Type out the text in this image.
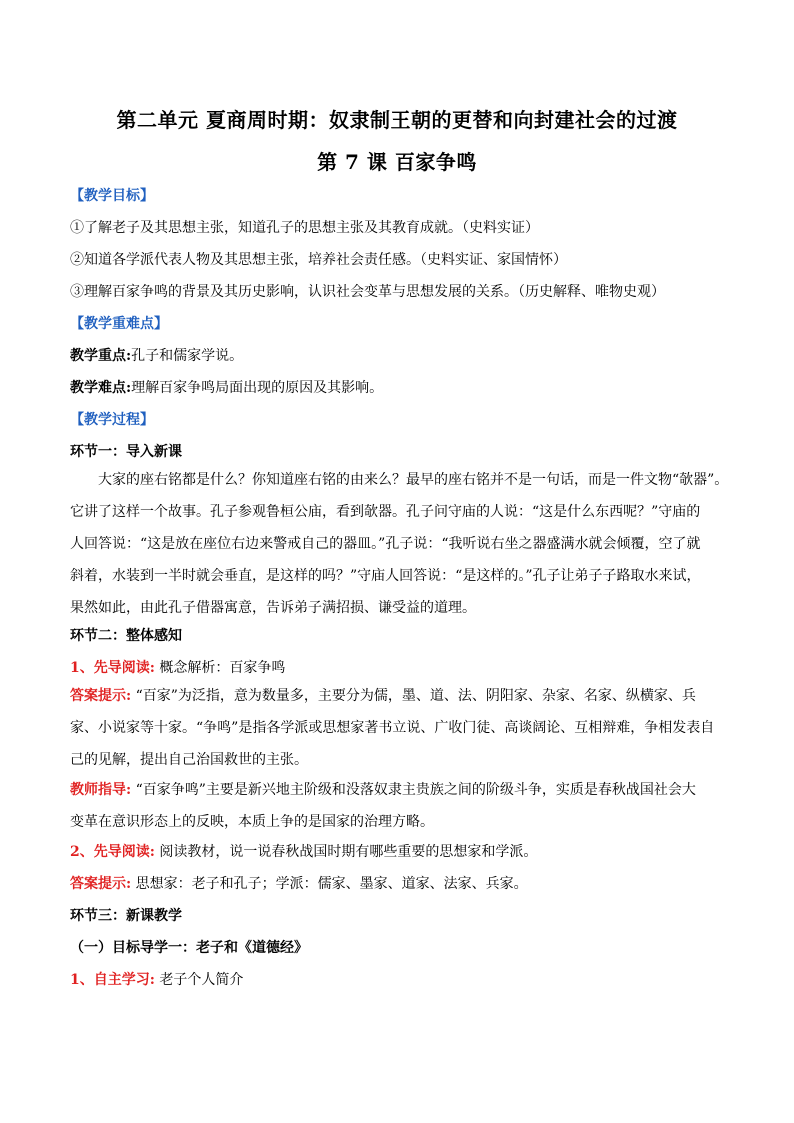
第二单元 夏商周时期：奴隶制王朝的更替和向封建社会的过渡
第 7 课 百家争鸣
【教学目标】
①了解老子及其思想主张，知道孔子的思想主张及其教育成就。（史料实证）
②知道各学派代表人物及其思想主张，培养社会责任感。（史料实证、家国情怀）
③理解百家争鸣的背景及其历史影响，认识社会变革与思想发展的关系。（历史解释、唯物史观）
【教学重难点】
教学重点:孔子和儒家学说。
教学难点:理解百家争鸣局面出现的原因及其影响。
【教学过程】
环节一：导入新课

大家的座右铭都是什么？你知道座右铭的由来么？最早的座右铭并不是一句话，而是一件文物“欹器”。

它讲了这样一个故事。孔子参观鲁桓公庙，看到欹器。孔子问守庙的人说：“这是什么东西呢？”守庙的

人回答说：“这是放在座位右边来警戒自己的器皿。”孔子说：“我听说右坐之器盛满水就会倾覆，空了就

斜着，水装到一半时就会垂直，是这样的吗？”守庙人回答说：“是这样的。”孔子让弟子子路取水来试，

果然如此，由此孔子借器寓意，告诉弟子满招损、谦受益的道理。

环节二：整体感知
1、先导阅读: 概念解析：百家争鸣

答案提示: “百家”为泛指，意为数量多，主要分为儒，墨、道、法、阴阳家、杂家、名家、纵横家、兵

家、小说家等十家。“争鸣”是指各学派或思想家著书立说、广收门徒、高谈阔论、互相辩难，争相发表自

己的见解，提出自己治国救世的主张。

教师指导: “百家争鸣”主要是新兴地主阶级和没落奴隶主贵族之间的阶级斗争，实质是春秋战国社会大

变革在意识形态上的反映，本质上争的是国家的治理方略。

2、先导阅读: 阅读教材，说一说春秋战国时期有哪些重要的思想家和学派。
答案提示: 思想家：老子和孔子；学派：儒家、墨家、道家、法家、兵家。
环节三：新课教学
（一）目标导学一：老子和《道德经》
1、自主学习: 老子个人简介
